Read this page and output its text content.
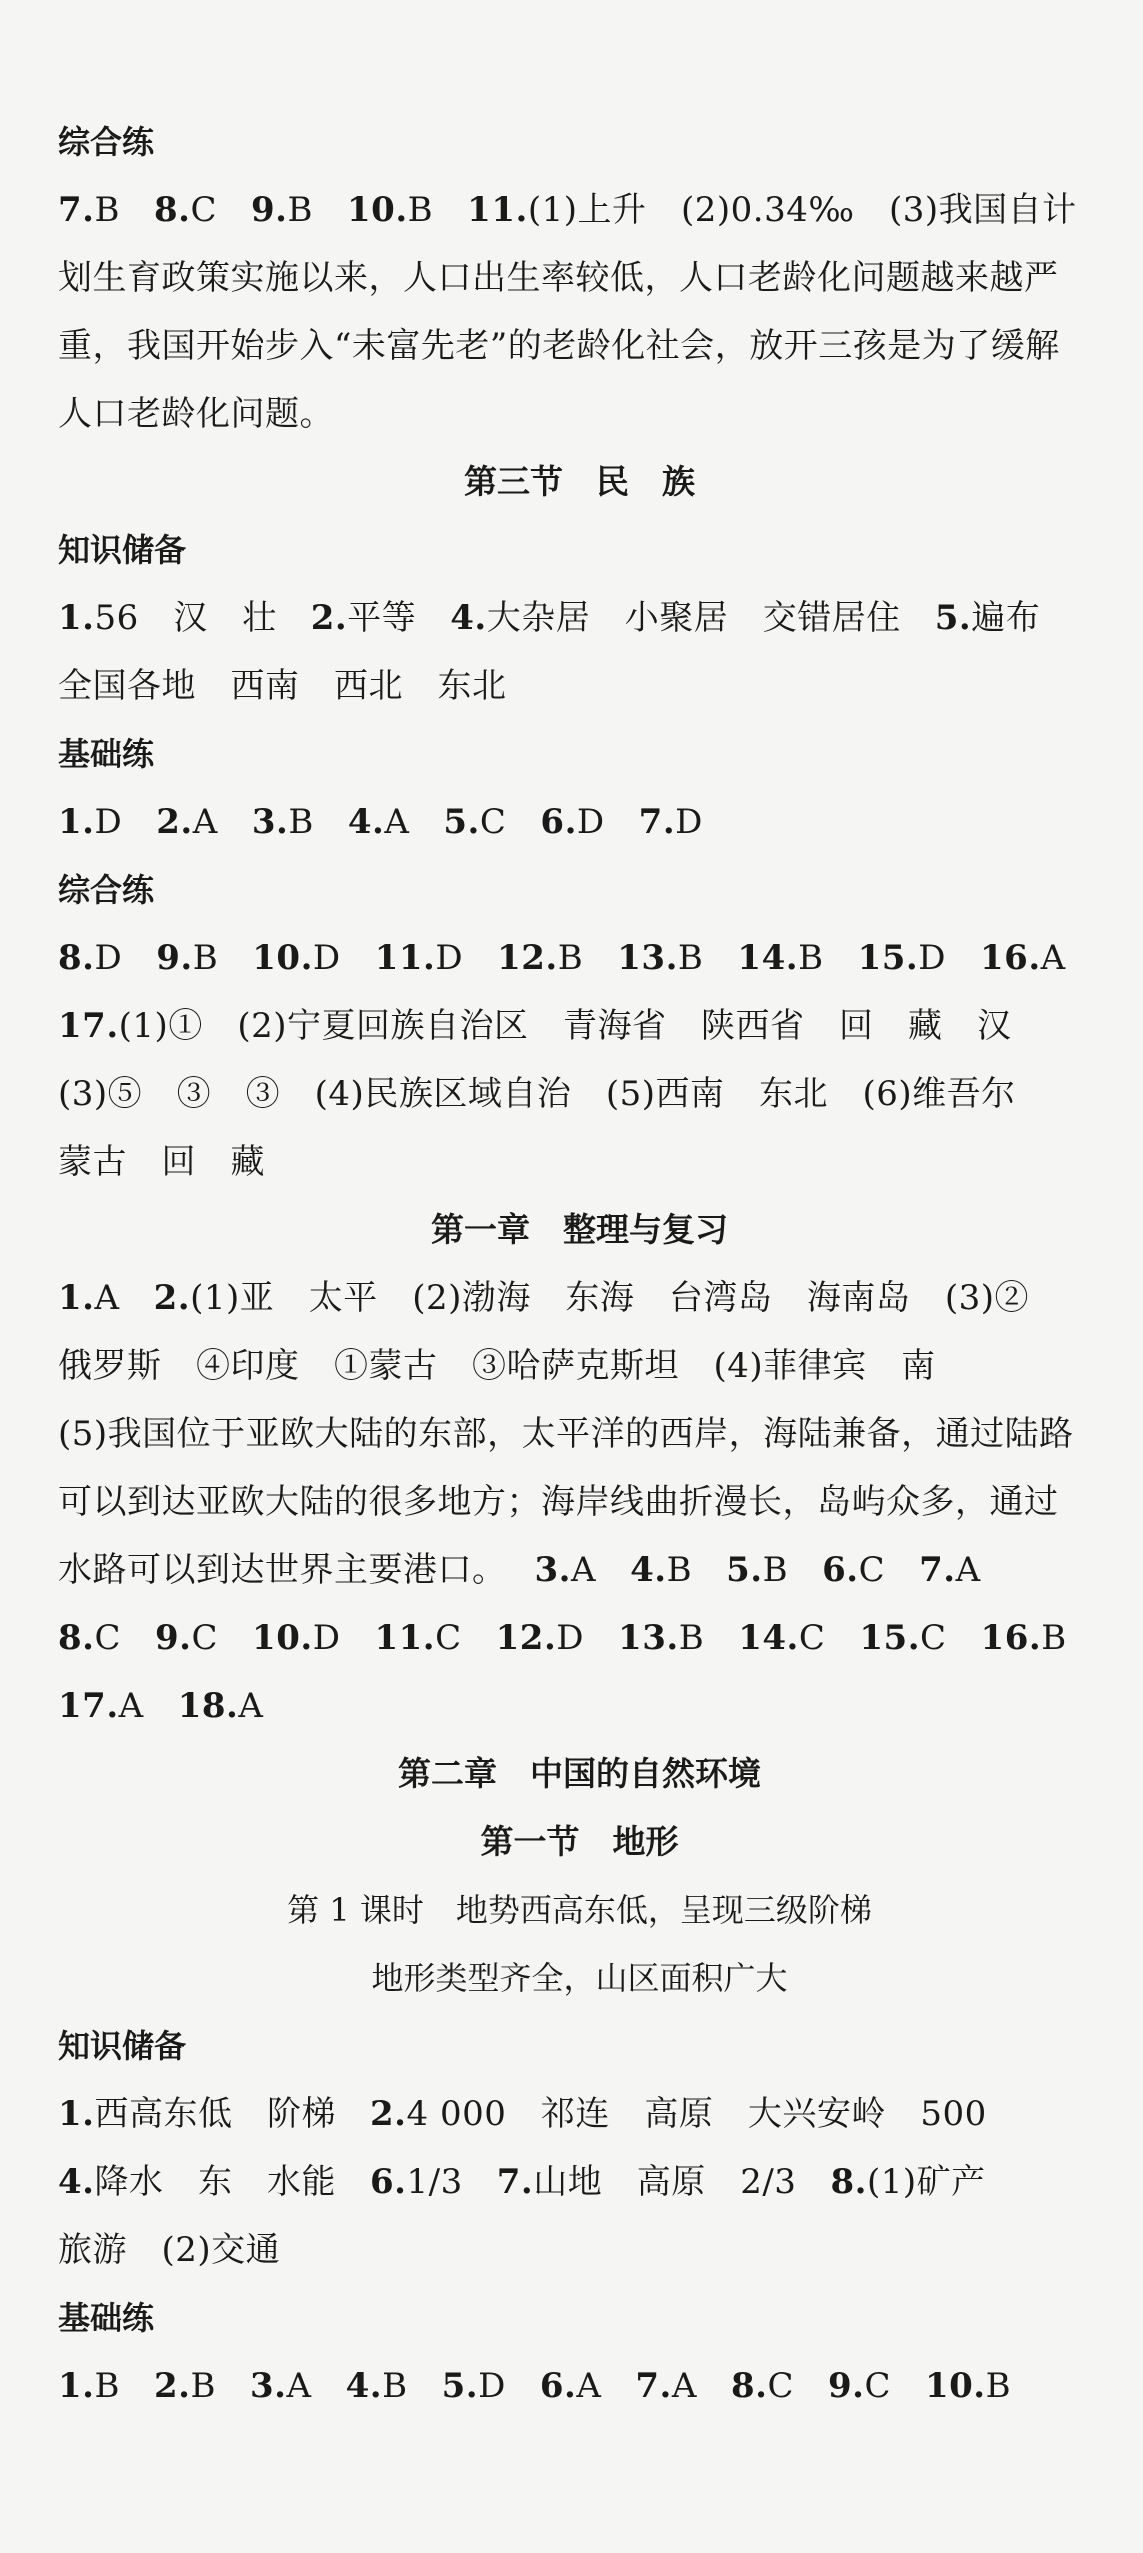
综合练
7.B 8.C 9.B 10.B 11.(1)上升　(2)0.34‰　(3)我国自计
划生育政策实施以来，人口出生率较低，人口老龄化问题越来越严
重，我国开始步入“未富先老”的老龄化社会，放开三孩是为了缓解
人口老龄化问题。
第三节　民　族
知识储备
1.56　汉　壮 2.平等 4.大杂居　小聚居　交错居住 5.遍布
全国各地　西南　西北　东北
基础练
1.D 2.A 3.B 4.A 5.C 6.D 7.D
综合练
8.D 9.B 10.D 11.D 12.B 13.B 14.B 15.D 16.A
17.(1)①　(2)宁夏回族自治区　青海省　陕西省　回　藏　汉
(3)⑤　③　③　(4)民族区域自治　(5)西南　东北　(6)维吾尔
蒙古　回　藏
第一章　整理与复习
1.A 2.(1)亚　太平　(2)渤海　东海　台湾岛　海南岛　(3)②
俄罗斯　④印度　①蒙古　③哈萨克斯坦　(4)菲律宾　南
(5)我国位于亚欧大陆的东部，太平洋的西岸，海陆兼备，通过陆路
可以到达亚欧大陆的很多地方；海岸线曲折漫长，岛屿众多，通过
水路可以到达世界主要港口。 3.A 4.B 5.B 6.C 7.A
8.C 9.C 10.D 11.C 12.D 13.B 14.C 15.C 16.B
17.A 18.A
第二章　中国的自然环境
第一节　地形
第 1 课时　地势西高东低，呈现三级阶梯
地形类型齐全，山区面积广大
知识储备
1.西高东低　阶梯 2.4 000　祁连　高原　大兴安岭　500
4.降水　东　水能 6.1/3 7.山地　高原　2/3 8.(1)矿产
旅游　(2)交通
基础练
1.B 2.B 3.A 4.B 5.D 6.A 7.A 8.C 9.C 10.B
